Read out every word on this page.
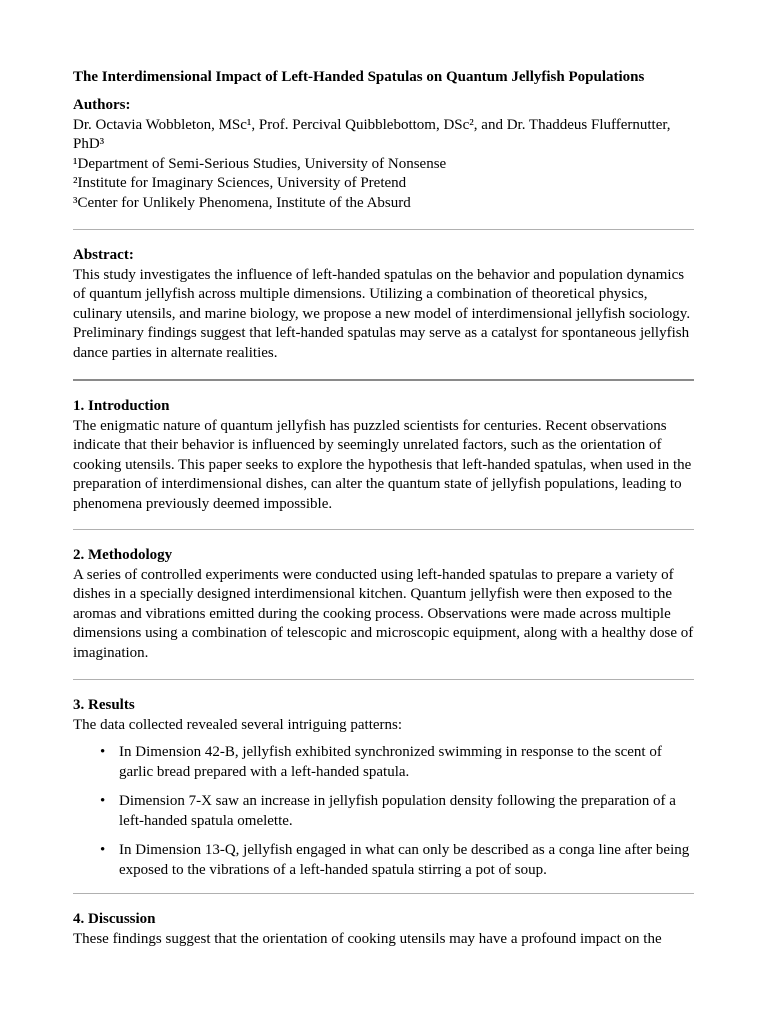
The Interdimensional Impact of Left-Handed Spatulas on Quantum Jellyfish Populations
Authors:
Dr. Octavia Wobbleton, MSc¹, Prof. Percival Quibblebottom, DSc², and Dr. Thaddeus Fluffernutter, PhD³
¹Department of Semi-Serious Studies, University of Nonsense
²Institute for Imaginary Sciences, University of Pretend
³Center for Unlikely Phenomena, Institute of the Absurd
Abstract:
This study investigates the influence of left-handed spatulas on the behavior and population dynamics of quantum jellyfish across multiple dimensions. Utilizing a combination of theoretical physics, culinary utensils, and marine biology, we propose a new model of interdimensional jellyfish sociology. Preliminary findings suggest that left-handed spatulas may serve as a catalyst for spontaneous jellyfish dance parties in alternate realities.
1. Introduction
The enigmatic nature of quantum jellyfish has puzzled scientists for centuries. Recent observations indicate that their behavior is influenced by seemingly unrelated factors, such as the orientation of cooking utensils. This paper seeks to explore the hypothesis that left-handed spatulas, when used in the preparation of interdimensional dishes, can alter the quantum state of jellyfish populations, leading to phenomena previously deemed impossible.
2. Methodology
A series of controlled experiments were conducted using left-handed spatulas to prepare a variety of dishes in a specially designed interdimensional kitchen. Quantum jellyfish were then exposed to the aromas and vibrations emitted during the cooking process. Observations were made across multiple dimensions using a combination of telescopic and microscopic equipment, along with a healthy dose of imagination.
3. Results
The data collected revealed several intriguing patterns:
• In Dimension 42-B, jellyfish exhibited synchronized swimming in response to the scent of garlic bread prepared with a left-handed spatula.
• Dimension 7-X saw an increase in jellyfish population density following the preparation of a left-handed spatula omelette.
• In Dimension 13-Q, jellyfish engaged in what can only be described as a conga line after being exposed to the vibrations of a left-handed spatula stirring a pot of soup.
4. Discussion
These findings suggest that the orientation of cooking utensils may have a profound impact on the
